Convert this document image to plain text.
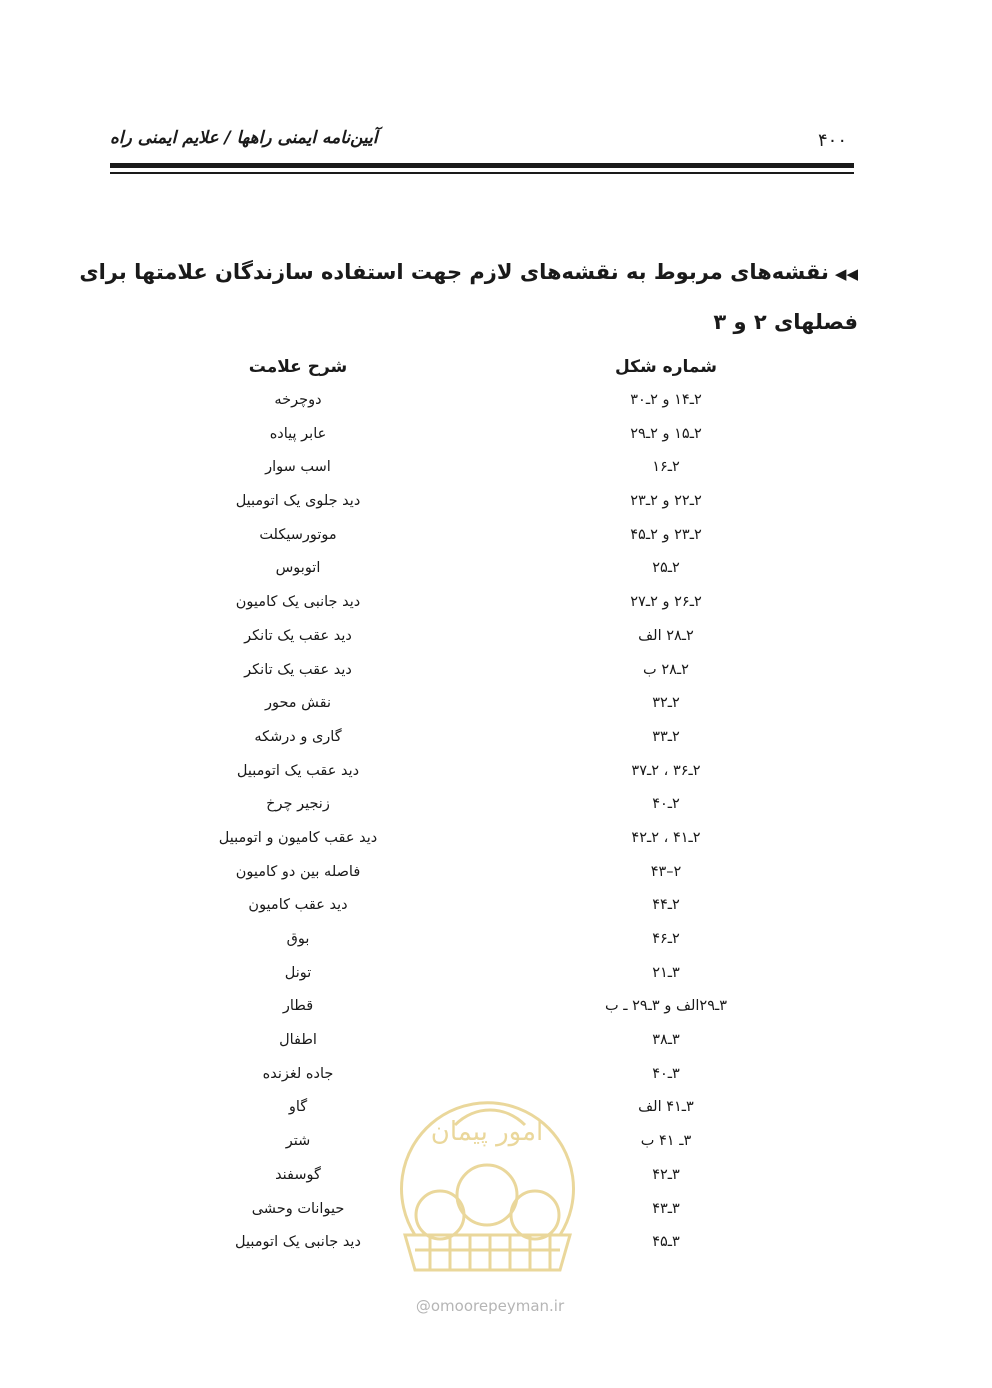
۴۰۰
آیین‌نامه ایمنی راهها / علایم ایمنی راه
◀◀نقشه‌های مربوط به نقشه‌های لازم جهت استفاده سازندگان علامتها برای
فصلهای ۲ و ۳
شماره شکل
شرح علامت
۲ـ۱۴ و ۲ـ۳۰
دوچرخه
۲ـ۱۵ و ۲ـ۲۹
عابر پیاده
۲ـ۱۶
اسب سوار
۲ـ۲۲ و ۲ـ۲۳
دید جلوی یک اتومبیل
۲ـ۲۳ و ۲ـ۴۵
موتورسیکلت
۲ـ۲۵
اتوبوس
۲ـ۲۶ و ۲ـ۲۷
دید جانبی یک کامیون
۲ـ۲۸ الف
دید عقب یک تانکر
۲ـ۲۸ ب
دید عقب یک تانکر
۲ـ۳۲
نقش محور
۲ـ۳۳
گاری و درشکه
۲ـ۳۶ ، ۲ـ۳۷
دید عقب یک اتومبیل
۲ـ۴۰
زنجیر چرخ
۲ـ۴۱ ، ۲ـ۴۲
دید عقب کامیون و اتومبیل
۲–۴۳
فاصله بین دو کامیون
۲ـ۴۴
دید عقب کامیون
۲ـ۴۶
بوق
۳ـ۲۱
تونل
۳ـ۲۹الف و ۳ـ۲۹ ـ ب
قطار
۳ـ۳۸
اطفال
۳ـ۴۰
جاده لغزنده
۳ـ۴۱ الف
گاو
۳ـ ۴۱ ب
شتر
۳ـ۴۲
گوسفند
۳ـ۴۳
حیوانات وحشی
۳ـ۴۵
دید جانبی یک اتومبیل
امور پیمان
@omoorepeyman.ir
